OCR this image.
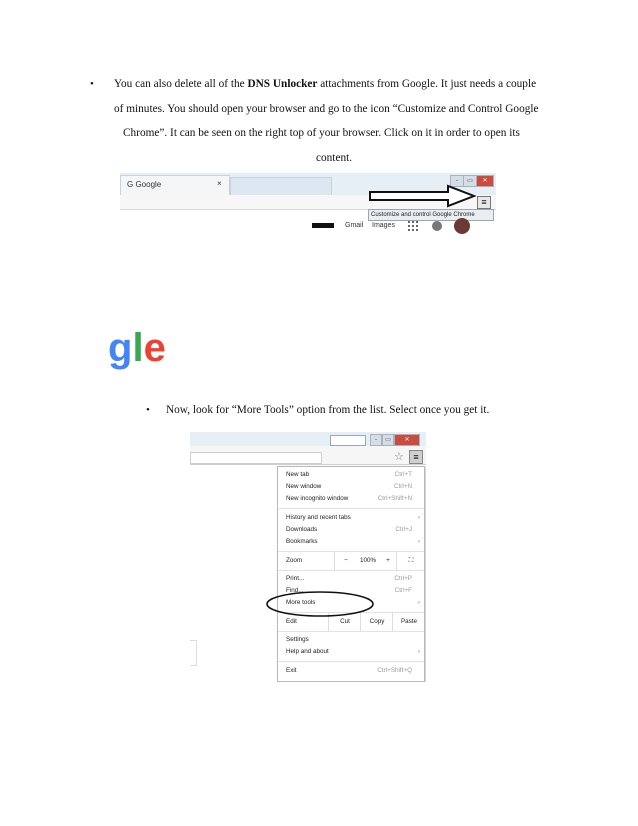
• You can also delete all of the DNS Unlocker attachments from Google. It just needs a couple
of minutes. You should open your browser and go to the icon “Customize and Control Google
Chrome”. It can be seen on the right top of your browser. Click on it in order to open its
content.
G Google	×	-	▭	✕
≡
Customize and control Google Chrome
Gmail Images
gle
• Now, look for “More Tools” option from the list. Select once you get it.
-	▭	✕
☆	≡
New tab	Ctrl+T
New window	Ctrl+N
New incognito window	Ctrl+Shift+N
History and recent tabs	›
Downloads	Ctrl+J
Bookmarks	›
Zoom	−	100%	+	⛶
Print...	Ctrl+P
Find...	Ctrl+F
More tools	›
Edit	Cut	Copy	Paste
Settings
Help and about	›
Exit	Ctrl+Shift+Q
